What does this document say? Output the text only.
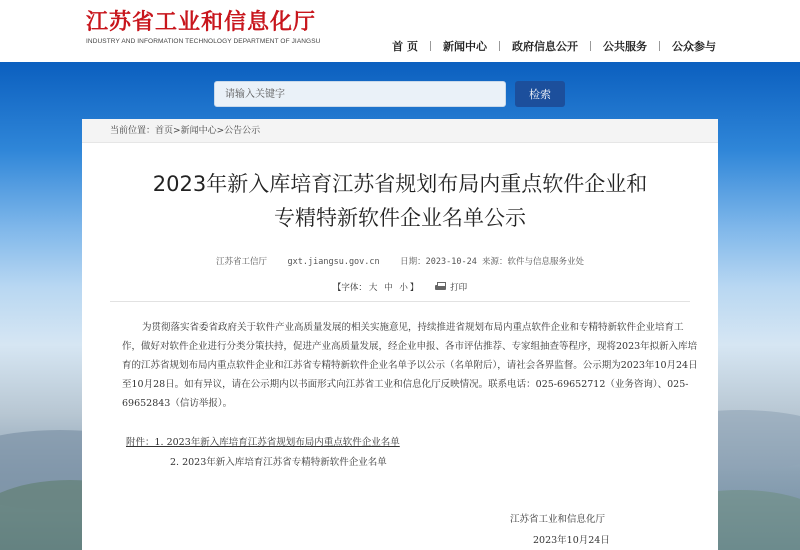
江苏省工业和信息化厅
INDUSTRY AND INFORMATION TECHNOLOGY DEPARTMENT OF JIANGSU	首 页 新闻中心 政府信息公开 公共服务 公众参与
请输入关键字
检索
当前位置：首页>新闻中心>公告公示
2023年新入库培育江苏省规划布局内重点软件企业和
专精特新软件企业名单公示
江苏省工信厅 gxt.jiangsu.gov.cn 日期：2023-10-24 来源：软件与信息服务业处
【字体： 大 中 小 】	打印
为贯彻落实省委省政府关于软件产业高质量发展的相关实施意见，持续推进省规划布局内重点软件企业和专精特新软件企业培育工作，做好对软件企业进行分类分策扶持，促进产业高质量发展，经企业申报、各市评估推荐、专家组抽查等程序，现将2023年拟新入库培育的江苏省规划布局内重点软件企业和江苏省专精特新软件企业名单予以公示（名单附后），请社会各界监督。公示期为2023年10月24日至10月28日。如有异议，请在公示期内以书面形式向江苏省工业和信息化厅反映情况。联系电话：025-69652712（业务咨询）、025-69652843（信访举报）。
附件：1. 2023年新入库培育江苏省规划布局内重点软件企业名单
2. 2023年新入库培育江苏省专精特新软件企业名单
江苏省工业和信息化厅
2023年10月24日
